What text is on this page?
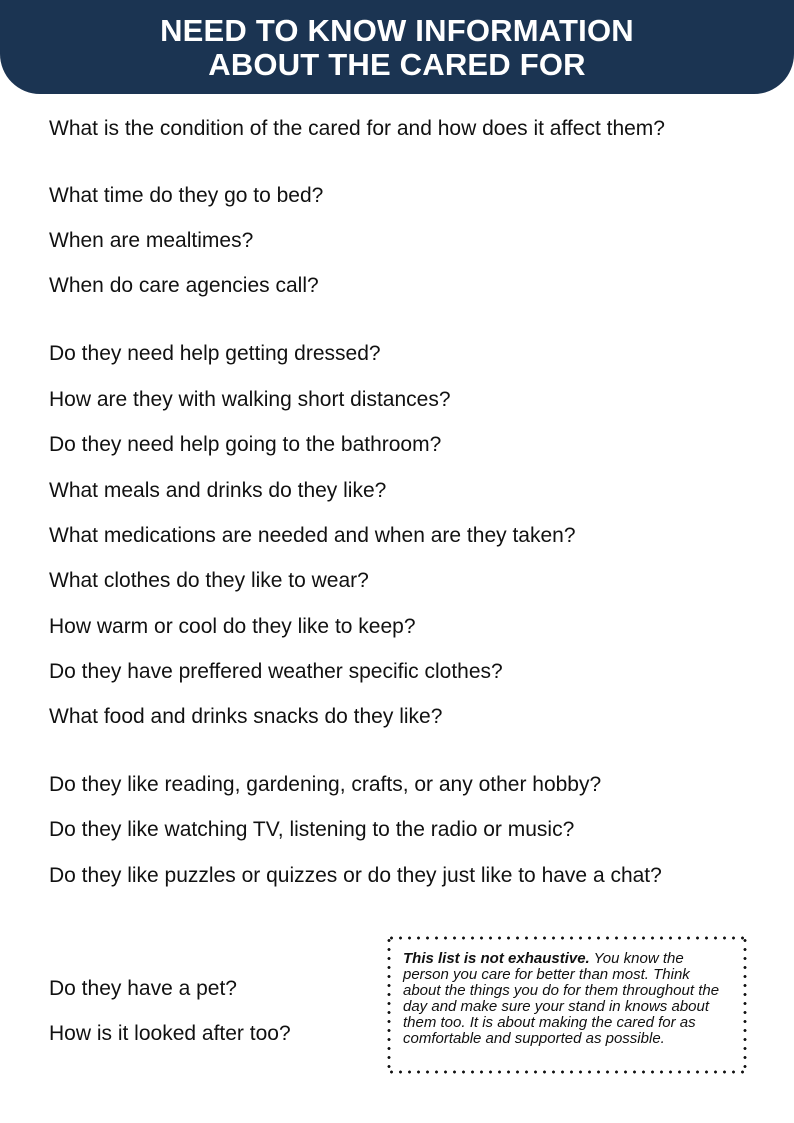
NEED TO KNOW INFORMATION
ABOUT THE CARED FOR

What is the condition of the cared for and how does it affect them?

What time do they go to bed?

When are mealtimes?

When do care agencies call?

Do they need help getting dressed?

How are they with walking short distances?

Do they need help going to the bathroom?

What meals and drinks do they like?

What medications are needed and when are they taken?

What clothes do they like to wear?

How warm or cool do they like to keep?

Do they have preffered weather specific clothes?

What food and drinks snacks do they like?

Do they like reading, gardening, crafts, or any other hobby?

Do they like watching TV, listening to the radio or music?

Do they like puzzles or quizzes or do they just like to have a chat?

Do they have a pet?

How is it looked after too?

This list is not exhaustive. You know the person you care for better than most. Think about the things you do for them throughout the day and make sure your stand in knows about them too. It is about making the cared for as comfortable and supported as possible.
